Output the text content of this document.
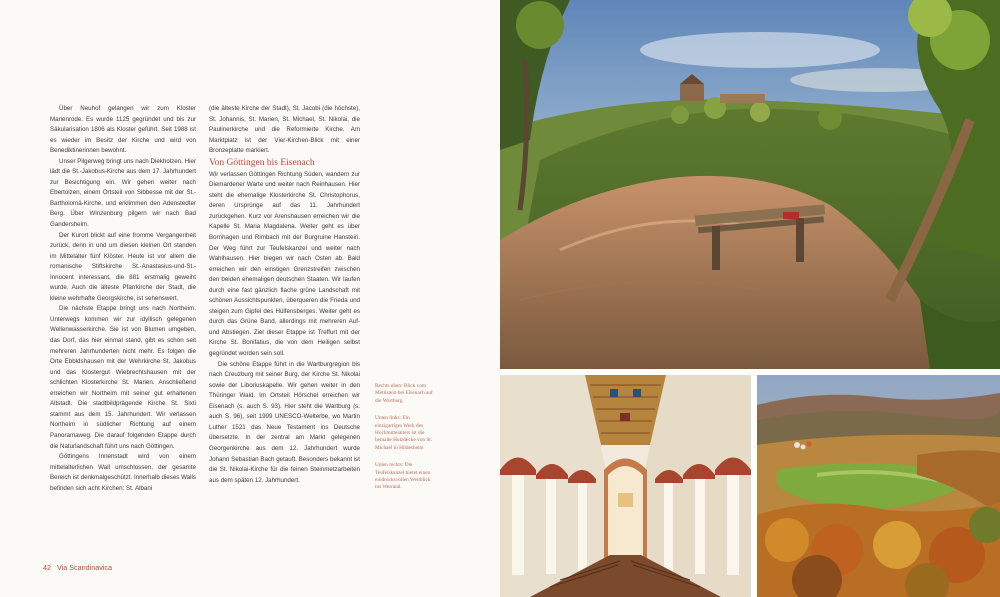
Über Neuhof gelangen wir zum Kloster Marienrode. Es wurde 1125 gegründet und bis zur Säkularisation 1806 als Kloster geführt. Seit 1988 ist es wieder im Besitz der Kirche und wird von Benediktinerinnen bewohnt.

Unser Pilgerweg bringt uns nach Diekholzen. Hier lädt die St.-Jakobus-Kirche aus dem 17. Jahrhundert zur Besichtigung ein. Wir gehen weiter nach Ebertolzen, einem Ortsteil von Sibbesse mit der St.-Bartholomä-Kirche, und erklimmen den Adenstedter Berg. Über Winzenburg pilgern wir nach Bad Gandersheim.

Der Kurort blickt auf eine fromme Vergangenheit zurück, denn in und um diesen kleinen Ort standen im Mittelalter fünf Klöster. Heute ist vor allem die romanische Stiftskirche St.-Anastasius-und-St.-Innocent interessant, die 881 erstmalig geweiht wurde. Auch die älteste Pfarrkirche der Stadt, die kleine wehrhafte Georgskirche, ist sehenswert.

Die nächste Etappe bringt uns nach Northeim. Unterwegs kommen wir zur idyllisch gelegenen Wellenwasserkirche. Sie ist von Blumen umgeben, das Dorf, das hier einmal stand, gibt es schon seit mehreren Jahrhunderten nicht mehr. Es folgen die Orte Ebbldshausen mit der Wehrkirche St. Jakobus und das Klostergut Wiebrechtshausen mit der schlichten Klosterkirche St. Marien. Anschließend erreichen wir Northeim mit seiner gut erhaltenen Altstadt. Die stadtbildprägende Kirche St. Sixti stammt aus dem 15. Jahrhundert. Wir verlassen Northeim in südlicher Richtung auf einem Panoramaweg. Die darauf folgenden Etappe durch die Naturlandschaft führt uns nach Göttingen.

Göttingens Innenstadt wird von einem mittelalterlichen Wall umschlossen, der gesamte Bereich ist denkmalgeschützt. Innerhalb dieses Walls befinden sich acht Kirchen: St. Albani

(die älteste Kirche der Stadt), St. Jacobi (die höchste), St. Johannis, St. Marien, St. Michael, St. Nikolai, die Paulinerkirche und die Reformierte Kirche. Am Marktplatz ist der Vier-Kirchen-Blick mit einer Bronzeplatte markiert.

Von Göttingen bis Eisenach

Wir verlassen Göttingen Richtung Süden, wandern zur Diemardener Warte und weiter nach Reinhausen. Hier steht die ehemalige Klosterkirche St. Christophorus, deren Ursprünge auf das 11. Jahrhundert zurückgehen. Kurz vor Arenshausen erreichen wir die Kapelle St. Maria Magdalena. Weiter geht es über Bornhagen und Rimbach mit der Burgruine Hanstein. Der Weg führt zur Teufelskanzel und weiter nach Wahlhausen. Hier biegen wir nach Osten ab. Bald erreichen wir den einstigen Grenzstreifen zwischen den beiden ehemaligen deutschen Staaten. Wir laufen durch eine fast gänzlich flache grüne Landschaft mit schönen Aussichtspunkten, überqueren die Frieda und steigen zum Gipfel des Hülfensberges. Weiter geht es durch das Grüne Band, allerdings mit mehreren Auf- und Abstiegen. Ziel dieser Etappe ist Treffurt mit der Kirche St. Bonifatius, die von dem Heiligen selbst gegründet worden sein soll.

Die schöne Etappe führt in die Wartburgregion bis nach Creuzburg mit seiner Burg, der Kirche St. Nikolai sowie der Liboriuskapelle. Wir gehen weiter in den Thüringer Wald. Im Ortsteil Hörschel erreichen wir Eisenach (s. auch S. 93). Hier steht die Wartburg (s. auch S. 96), seit 1999 UNESCO-Welterbe, wo Martin Luther 1521 das Neue Testament ins Deutsche übersetzte. In der zentral am Markt gelegenen Georgenkirche aus dem 12. Jahrhundert wurde Johann Sebastian Bach getauft. Besonders bekannt ist die St. Nikolai-Kirche für die feinen Steinmetzarbeiten aus dem späten 12. Jahrhundert.

Rechts oben: Blick vom Metilstein bei Eisenach auf die Wartburg

Unten links: Ein einzigartiges Werk des Hochmittelalters ist die bemalte Holzdecke von St. Michael in Hildesheim

Unten rechts: Die Teufelskanzel bietet einen eindrucksvollen Weitblick ins Werratal.

42 Via Scandinavica
